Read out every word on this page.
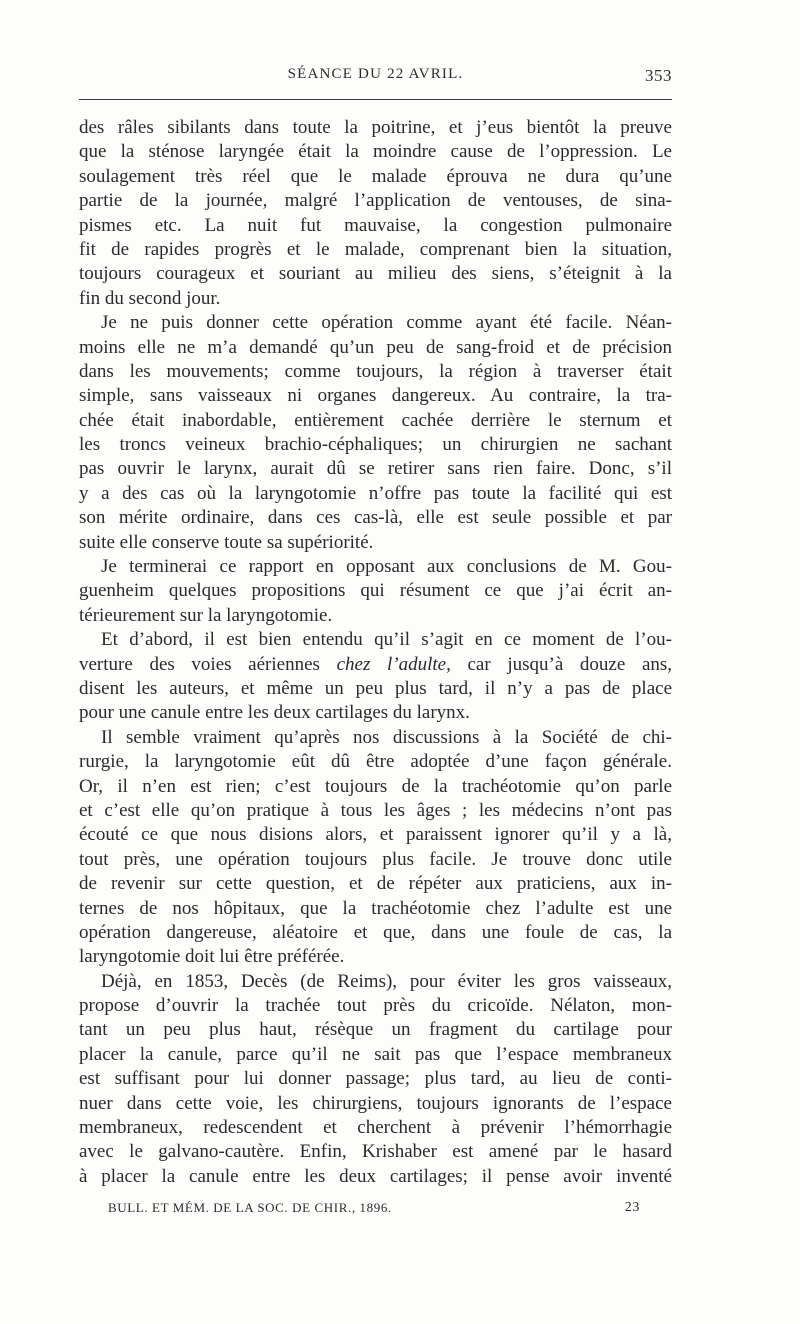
SÉANCE DU 22 AVRIL.	353
des râles sibilants dans toute la poitrine, et j’eus bientôt la preuve
que la sténose laryngée était la moindre cause de l’oppression. Le
soulagement très réel que le malade éprouva ne dura qu’une
partie de la journée, malgré l’application de ventouses, de sina-
pismes etc. La nuit fut mauvaise, la congestion pulmonaire
fit de rapides progrès et le malade, comprenant bien la situation,
toujours courageux et souriant au milieu des siens, s’éteignit à la
fin du second jour.
Je ne puis donner cette opération comme ayant été facile. Néan-
moins elle ne m’a demandé qu’un peu de sang-froid et de précision
dans les mouvements; comme toujours, la région à traverser était
simple, sans vaisseaux ni organes dangereux. Au contraire, la tra-
chée était inabordable, entièrement cachée derrière le sternum et
les troncs veineux brachio-céphaliques; un chirurgien ne sachant
pas ouvrir le larynx, aurait dû se retirer sans rien faire. Donc, s’il
y a des cas où la laryngotomie n’offre pas toute la facilité qui est
son mérite ordinaire, dans ces cas-là, elle est seule possible et par
suite elle conserve toute sa supériorité.
Je terminerai ce rapport en opposant aux conclusions de M. Gou-
guenheim quelques propositions qui résument ce que j’ai écrit an-
térieurement sur la laryngotomie.
Et d’abord, il est bien entendu qu’il s’agit en ce moment de l’ou-
verture des voies aériennes chez l’adulte, car jusqu’à douze ans,
disent les auteurs, et même un peu plus tard, il n’y a pas de place
pour une canule entre les deux cartilages du larynx.
Il semble vraiment qu’après nos discussions à la Société de chi-
rurgie, la laryngotomie eût dû être adoptée d’une façon générale.
Or, il n’en est rien; c’est toujours de la trachéotomie qu’on parle
et c’est elle qu’on pratique à tous les âges ; les médecins n’ont pas
écouté ce que nous disions alors, et paraissent ignorer qu’il y a là,
tout près, une opération toujours plus facile. Je trouve donc utile
de revenir sur cette question, et de répéter aux praticiens, aux in-
ternes de nos hôpitaux, que la trachéotomie chez l’adulte est une
opération dangereuse, aléatoire et que, dans une foule de cas, la
laryngotomie doit lui être préférée.
Déjà, en 1853, Decès (de Reims), pour éviter les gros vaisseaux,
propose d’ouvrir la trachée tout près du cricoïde. Nélaton, mon-
tant un peu plus haut, résèque un fragment du cartilage pour
placer la canule, parce qu’il ne sait pas que l’espace membraneux
est suffisant pour lui donner passage; plus tard, au lieu de conti-
nuer dans cette voie, les chirurgiens, toujours ignorants de l’espace
membraneux, redescendent et cherchent à prévenir l’hémorrhagie
avec le galvano-cautère. Enfin, Krishaber est amené par le hasard
à placer la canule entre les deux cartilages; il pense avoir inventé
BULL. ET MÉM. DE LA SOC. DE CHIR., 1896.	23
